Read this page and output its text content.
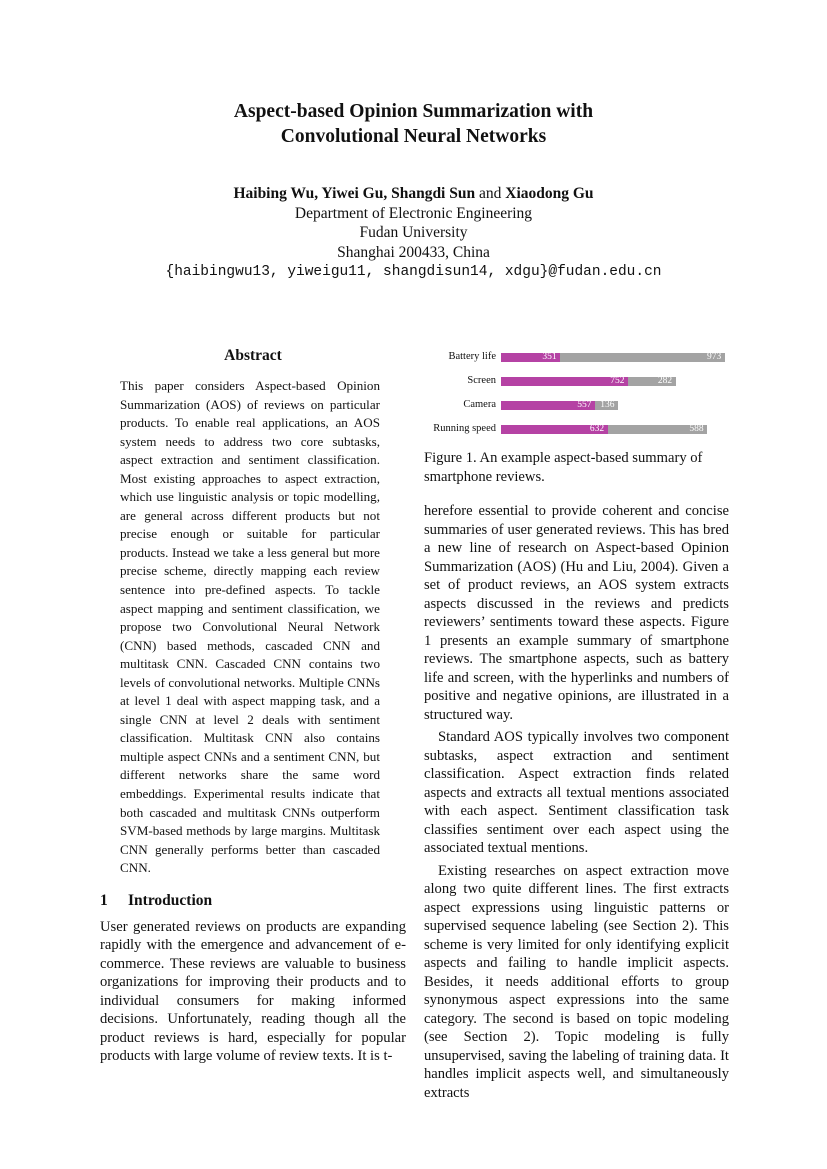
Aspect-based Opinion Summarization with
Convolutional Neural Networks
Haibing Wu, Yiwei Gu, Shangdi Sun and Xiaodong Gu
Department of Electronic Engineering
Fudan University
Shanghai 200433, China
{haibingwu13, yiweigu11, shangdisun14, xdgu}@fudan.edu.cn
Abstract
This paper considers Aspect-based Opinion Summarization (AOS) of reviews on particular products. To enable real applications, an AOS system needs to address two core subtasks, aspect extraction and sentiment classification. Most existing approaches to aspect extraction, which use linguistic analysis or topic modelling, are general across different products but not precise enough or suitable for particular products. Instead we take a less general but more precise scheme, directly mapping each review sentence into pre-defined aspects. To tackle aspect mapping and sentiment classification, we propose two Convolutional Neural Network (CNN) based methods, cascaded CNN and multitask CNN. Cascaded CNN contains two levels of convolutional networks. Multiple CNNs at level 1 deal with aspect mapping task, and a single CNN at level 2 deals with sentiment classification. Multitask CNN also contains multiple aspect CNNs and a sentiment CNN, but different networks share the same word embeddings. Experimental results indicate that both cascaded and multitask CNNs outperform SVM-based methods by large margins. Multitask CNN generally performs better than cascaded CNN.
1 Introduction
User generated reviews on products are expanding rapidly with the emergence and advancement of e-commerce. These reviews are valuable to business organizations for improving their products and to individual consumers for making informed decisions. Unfortunately, reading though all the product reviews is hard, especially for popular products with large volume of review texts. It is t-
Battery life	351	973
Screen	752	282
Camera	557 136
Running speed	632	588
Figure 1. An example aspect-based summary of smartphone reviews.
herefore essential to provide coherent and concise summaries of user generated reviews. This has bred a new line of research on Aspect-based Opinion Summarization (AOS) (Hu and Liu, 2004). Given a set of product reviews, an AOS system extracts aspects discussed in the reviews and predicts reviewers’ sentiments toward these aspects. Figure 1 presents an example summary of smartphone reviews. The smartphone aspects, such as battery life and screen, with the hyperlinks and numbers of positive and negative opinions, are illustrated in a structured way.
Standard AOS typically involves two component subtasks, aspect extraction and sentiment classification. Aspect extraction finds related aspects and extracts all textual mentions associated with each aspect. Sentiment classification task classifies sentiment over each aspect using the associated textual mentions.
Existing researches on aspect extraction move along two quite different lines. The first extracts aspect expressions using linguistic patterns or supervised sequence labeling (see Section 2). This scheme is very limited for only identifying explicit aspects and failing to handle implicit aspects. Besides, it needs additional efforts to group synonymous aspect expressions into the same category. The second is based on topic modeling (see Section 2). Topic modeling is fully unsupervised, saving the labeling of training data. It handles implicit aspects well, and simultaneously extracts
